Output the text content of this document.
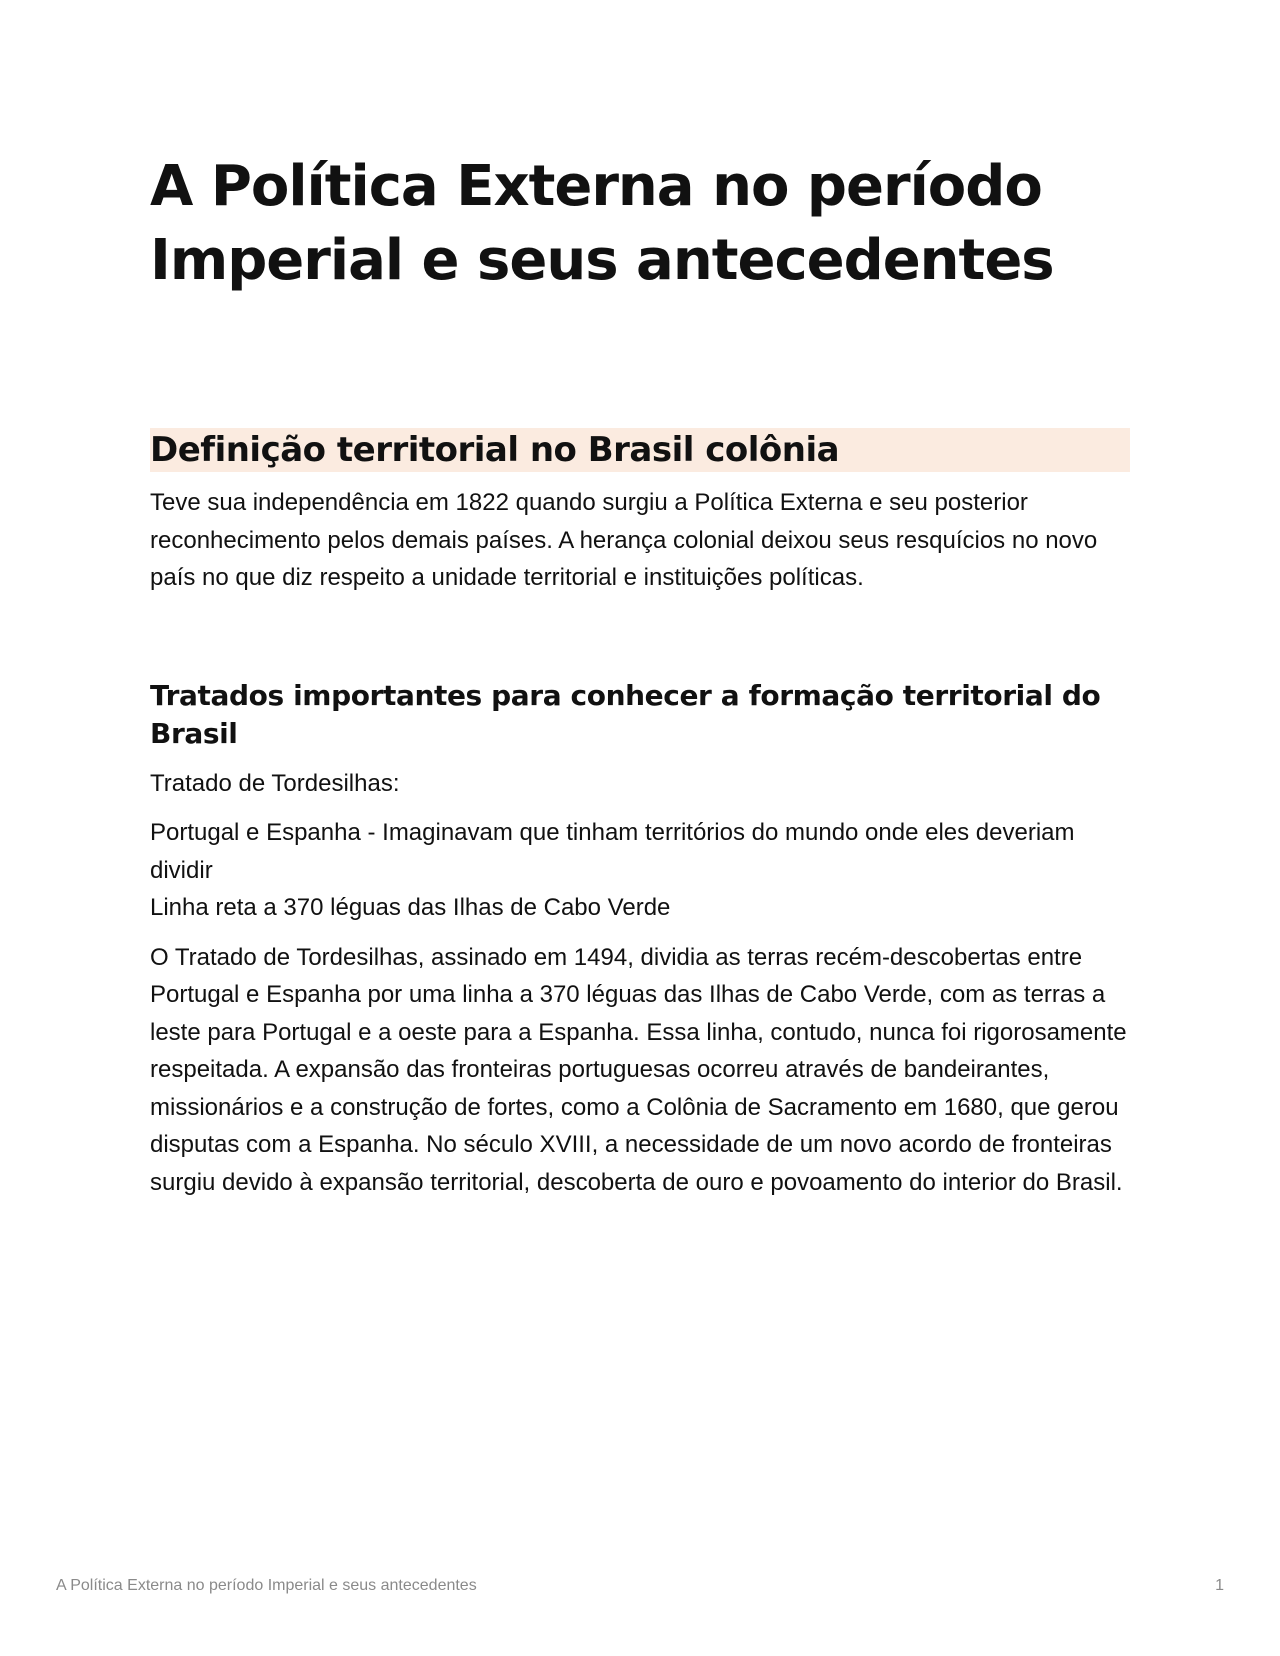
A Política Externa no período Imperial e seus antecedentes
Definição territorial no Brasil colônia

Teve sua independência em 1822 quando surgiu a Política Externa e seu posterior reconhecimento pelos demais países. A herança colonial deixou seus resquícios no novo país no que diz respeito a unidade territorial e instituições políticas.

Tratados importantes para conhecer a formação territorial do Brasil

Tratado de Tordesilhas:

Portugal e Espanha - Imaginavam que tinham territórios do mundo onde eles deveriam dividir
Linha reta a 370 léguas das Ilhas de Cabo Verde

O Tratado de Tordesilhas, assinado em 1494, dividia as terras recém-descobertas entre Portugal e Espanha por uma linha a 370 léguas das Ilhas de Cabo Verde, com as terras a leste para Portugal e a oeste para a Espanha. Essa linha, contudo, nunca foi rigorosamente respeitada. A expansão das fronteiras portuguesas ocorreu através de bandeirantes, missionários e a construção de fortes, como a Colônia de Sacramento em 1680, que gerou disputas com a Espanha. No século XVIII, a necessidade de um novo acordo de fronteiras surgiu devido à expansão territorial, descoberta de ouro e povoamento do interior do Brasil.

A Política Externa no período Imperial e seus antecedentes	1
